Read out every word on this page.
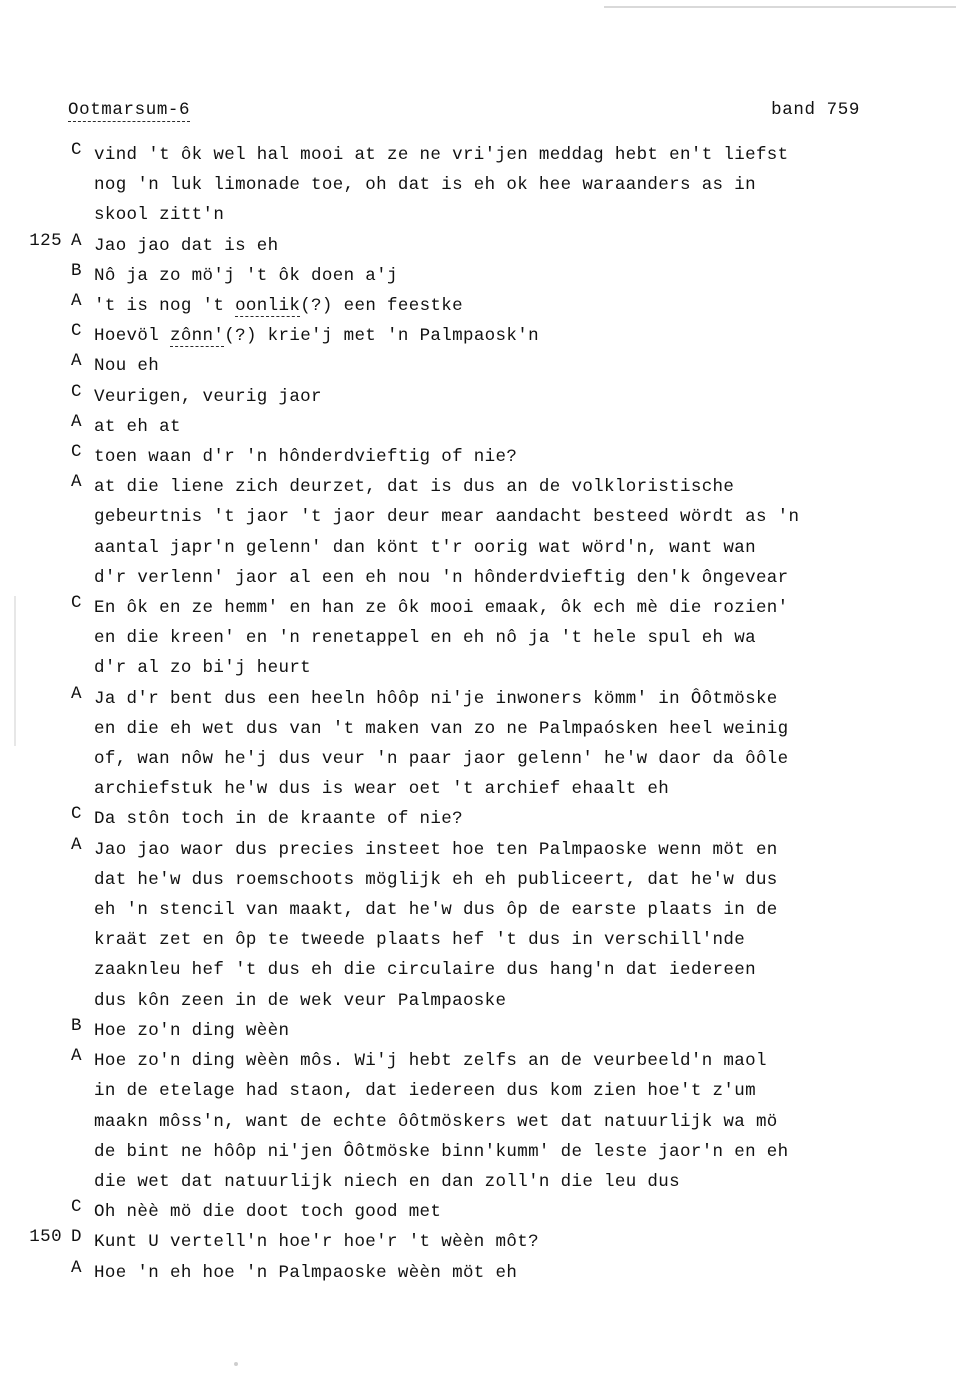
Ootmarsum-6	band 759
C vind 't ôk wel hal mooi at ze ne vri'jen meddag hebt en't liefst
nog 'n luk limonade toe, oh dat is eh ok hee waraanders as in
skool zitt'n
125 A Jao jao dat is eh
B Nô ja zo mö'j 't ôk doen a'j
A 't is nog 't oonlik(?) een feestke
C Hoevöl zônn'(?) krie'j met 'n Palmpaosk'n
A Nou eh
C Veurigen, veurig jaor
A at eh at
C toen waan d'r 'n hônderdvieftig of nie?
A at die liene zich deurzet, dat is dus an de volkloristische
gebeurtnis 't jaor 't jaor deur mear aandacht besteed wördt as 'n
aantal japr'n gelenn' dan könt t'r oorig wat wörd'n, want wan
d'r verlenn' jaor al een eh nou 'n hônderdvieftig den'k ôngevear
C En ôk en ze hemm' en han ze ôk mooi emaak, ôk ech mè die rozien'
en die kreen' en 'n renetappel en eh nô ja 't hele spul eh wa
d'r al zo bi'j heurt
A Ja d'r bent dus een heeln hôôp ni'je inwoners kömm' in Ôôtmöske
en die eh wet dus van 't maken van zo ne Palmpaósken heel weinig
of, wan nôw he'j dus veur 'n paar jaor gelenn' he'w daor da ôôle
archiefstuk he'w dus is wear oet 't archief ehaalt eh
C Da stôn toch in de kraante of nie?
A Jao jao waor dus precies insteet hoe ten Palmpaoske wenn möt en
dat he'w dus roemschoots möglijk eh eh publiceert, dat he'w dus
eh 'n stencil van maakt, dat he'w dus ôp de earste plaats in de
kraät zet en ôp te tweede plaats hef 't dus in verschill'nde
zaaknleu hef 't dus eh die circulaire dus hang'n dat iedereen
dus kôn zeen in de wek veur Palmpaoske
B Hoe zo'n ding wèèn
A Hoe zo'n ding wèèn môs. Wi'j hebt zelfs an de veurbeeld'n maol
in de etelage had staon, dat iedereen dus kom zien hoe't z'um
maakn môss'n, want de echte ôôtmöskers wet dat natuurlijk wa mö
de bint ne hôôp ni'jen Ôôtmöske binn'kumm' de leste jaor'n en eh
die wet dat natuurlijk niech en dan zoll'n die leu dus
C Oh nèè mö die doot toch good met
150 D Kunt U vertell'n hoe'r hoe'r 't wèèn môt?
A Hoe 'n eh hoe 'n Palmpaoske wèèn möt eh
